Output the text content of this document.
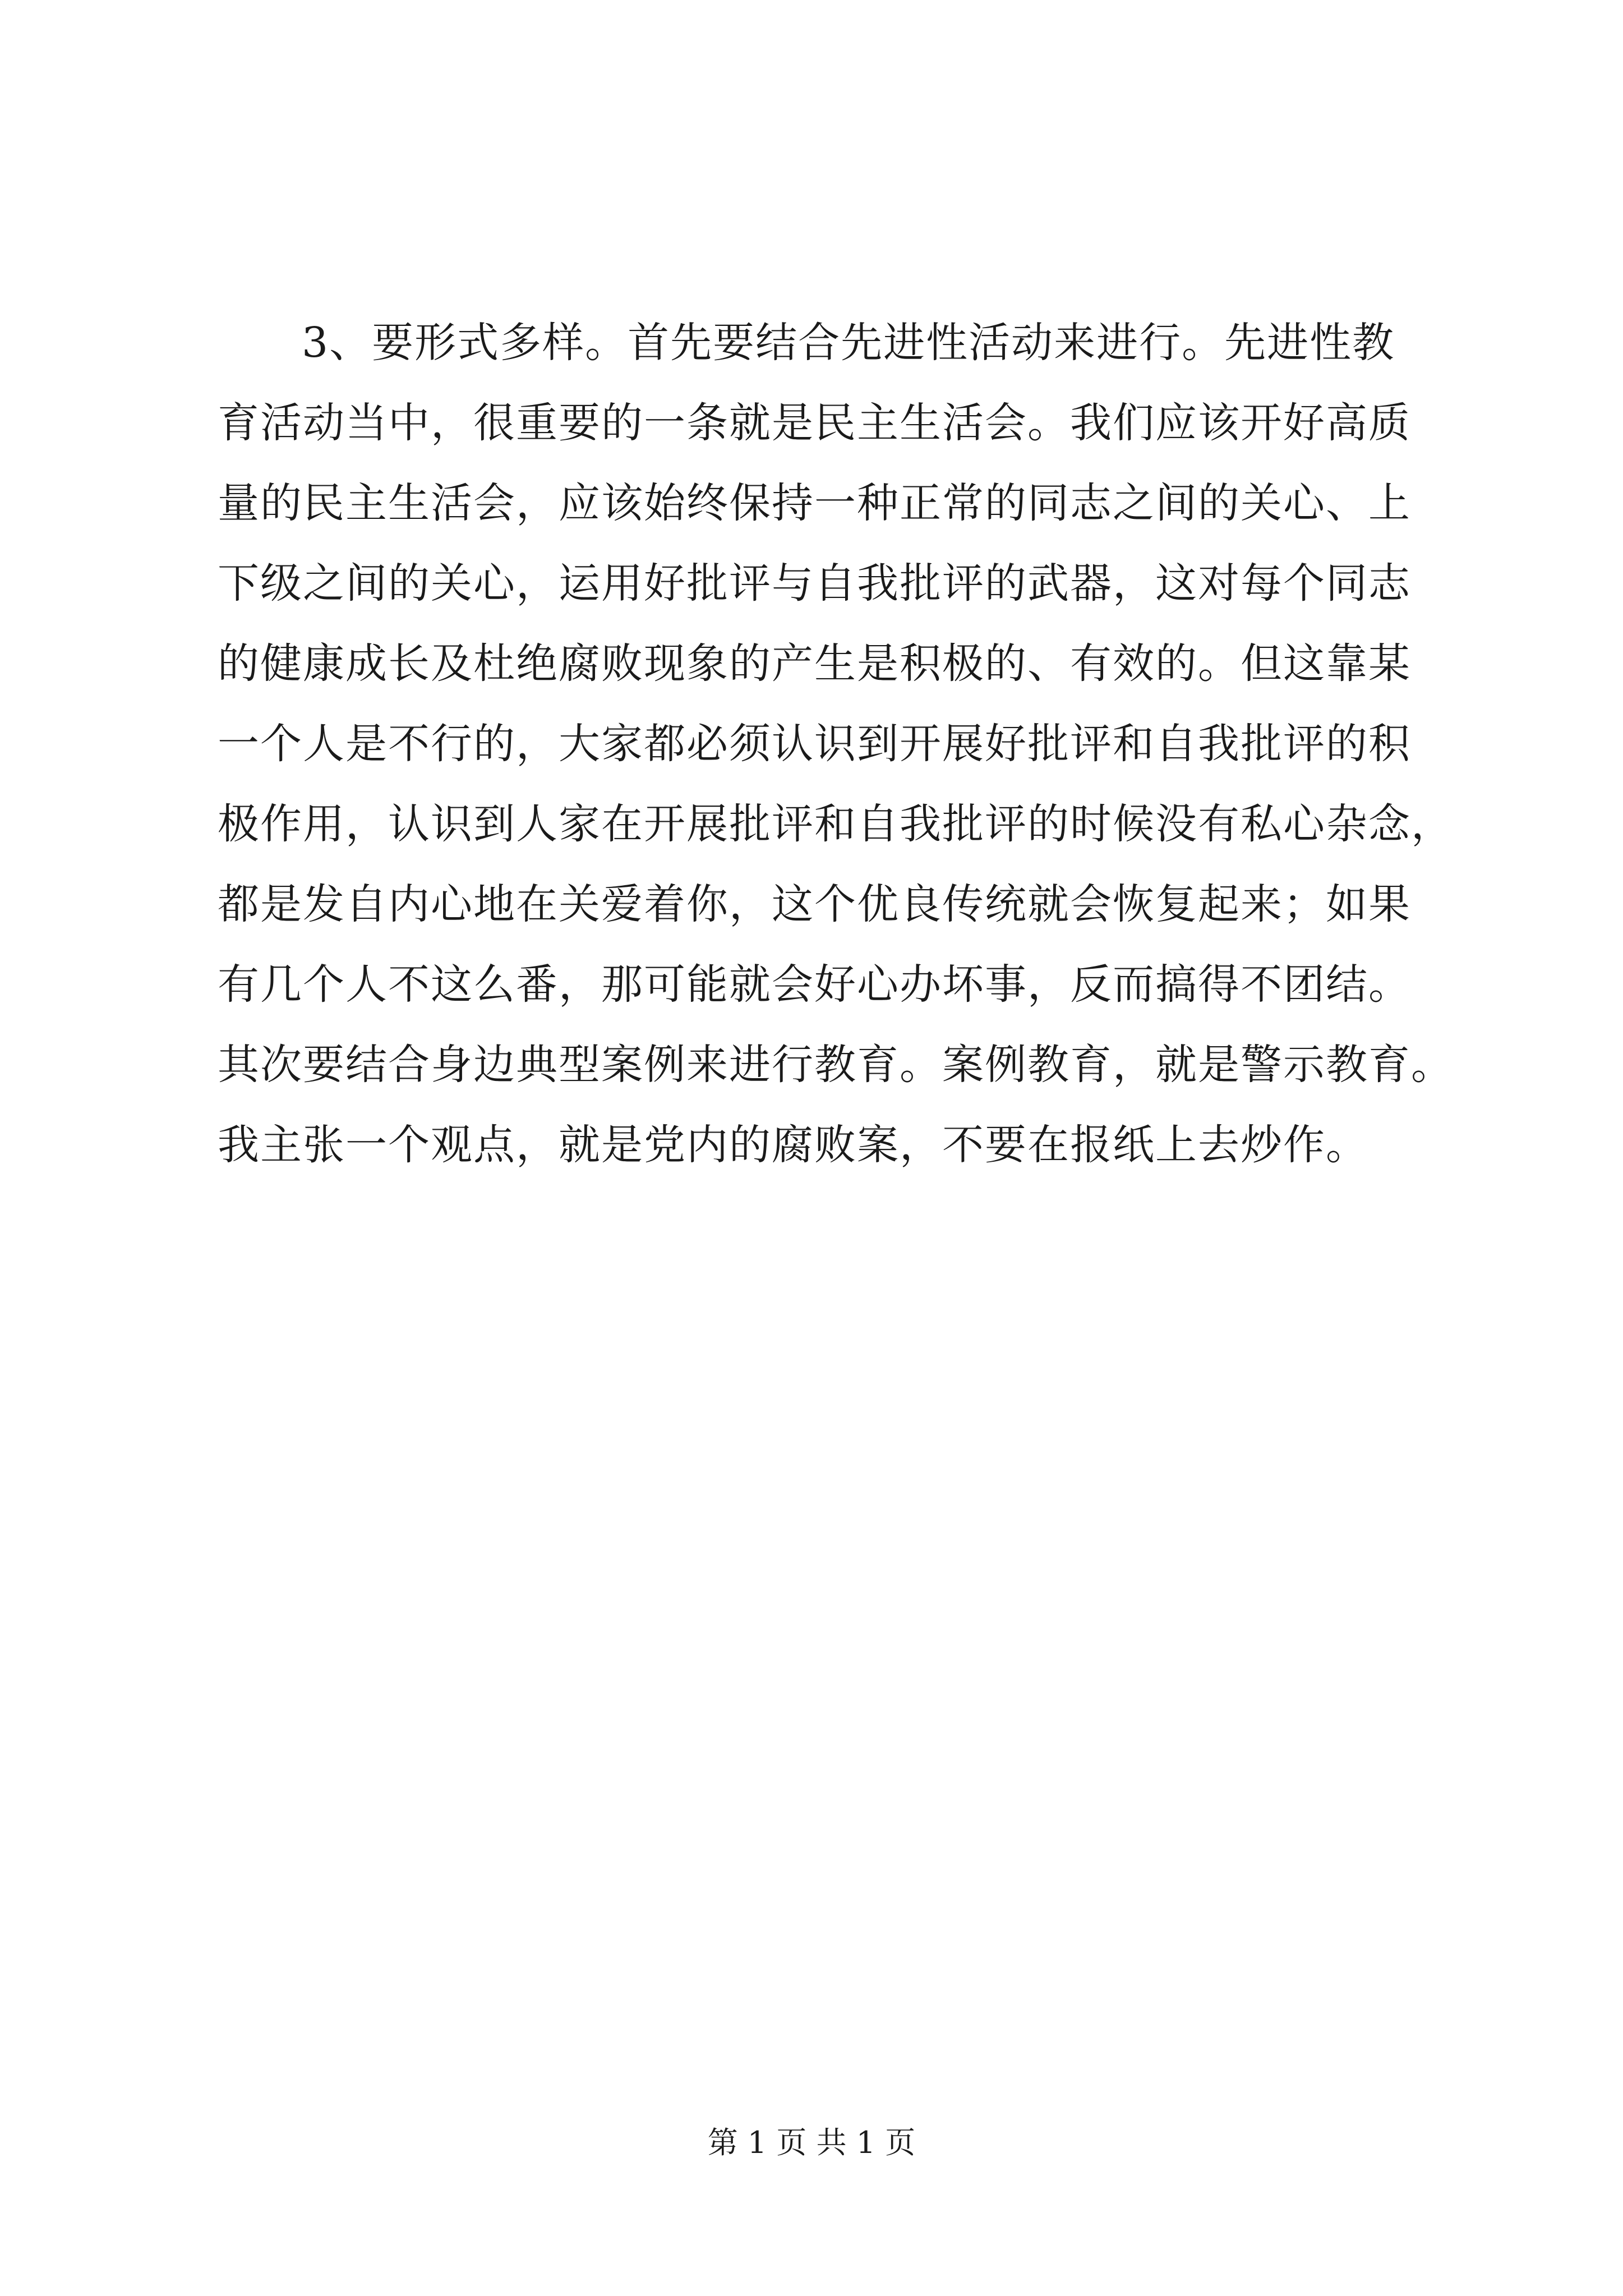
3、要形式多样。首先要结合先进性活动来进行。先进性教
育活动当中，很重要的一条就是民主生活会。我们应该开好高质
量的民主生活会，应该始终保持一种正常的同志之间的关心、上
下级之间的关心，运用好批评与自我批评的武器，这对每个同志
的健康成长及杜绝腐败现象的产生是积极的、有效的。但这靠某
一个人是不行的，大家都必须认识到开展好批评和自我批评的积
极作用，认识到人家在开展批评和自我批评的时候没有私心杂念，
都是发自内心地在关爱着你，这个优良传统就会恢复起来；如果
有几个人不这么番，那可能就会好心办坏事，反而搞得不团结。
其次要结合身边典型案例来进行教育。案例教育，就是警示教育。
我主张一个观点，就是党内的腐败案，不要在报纸上去炒作。
第 1 页 共 1 页
